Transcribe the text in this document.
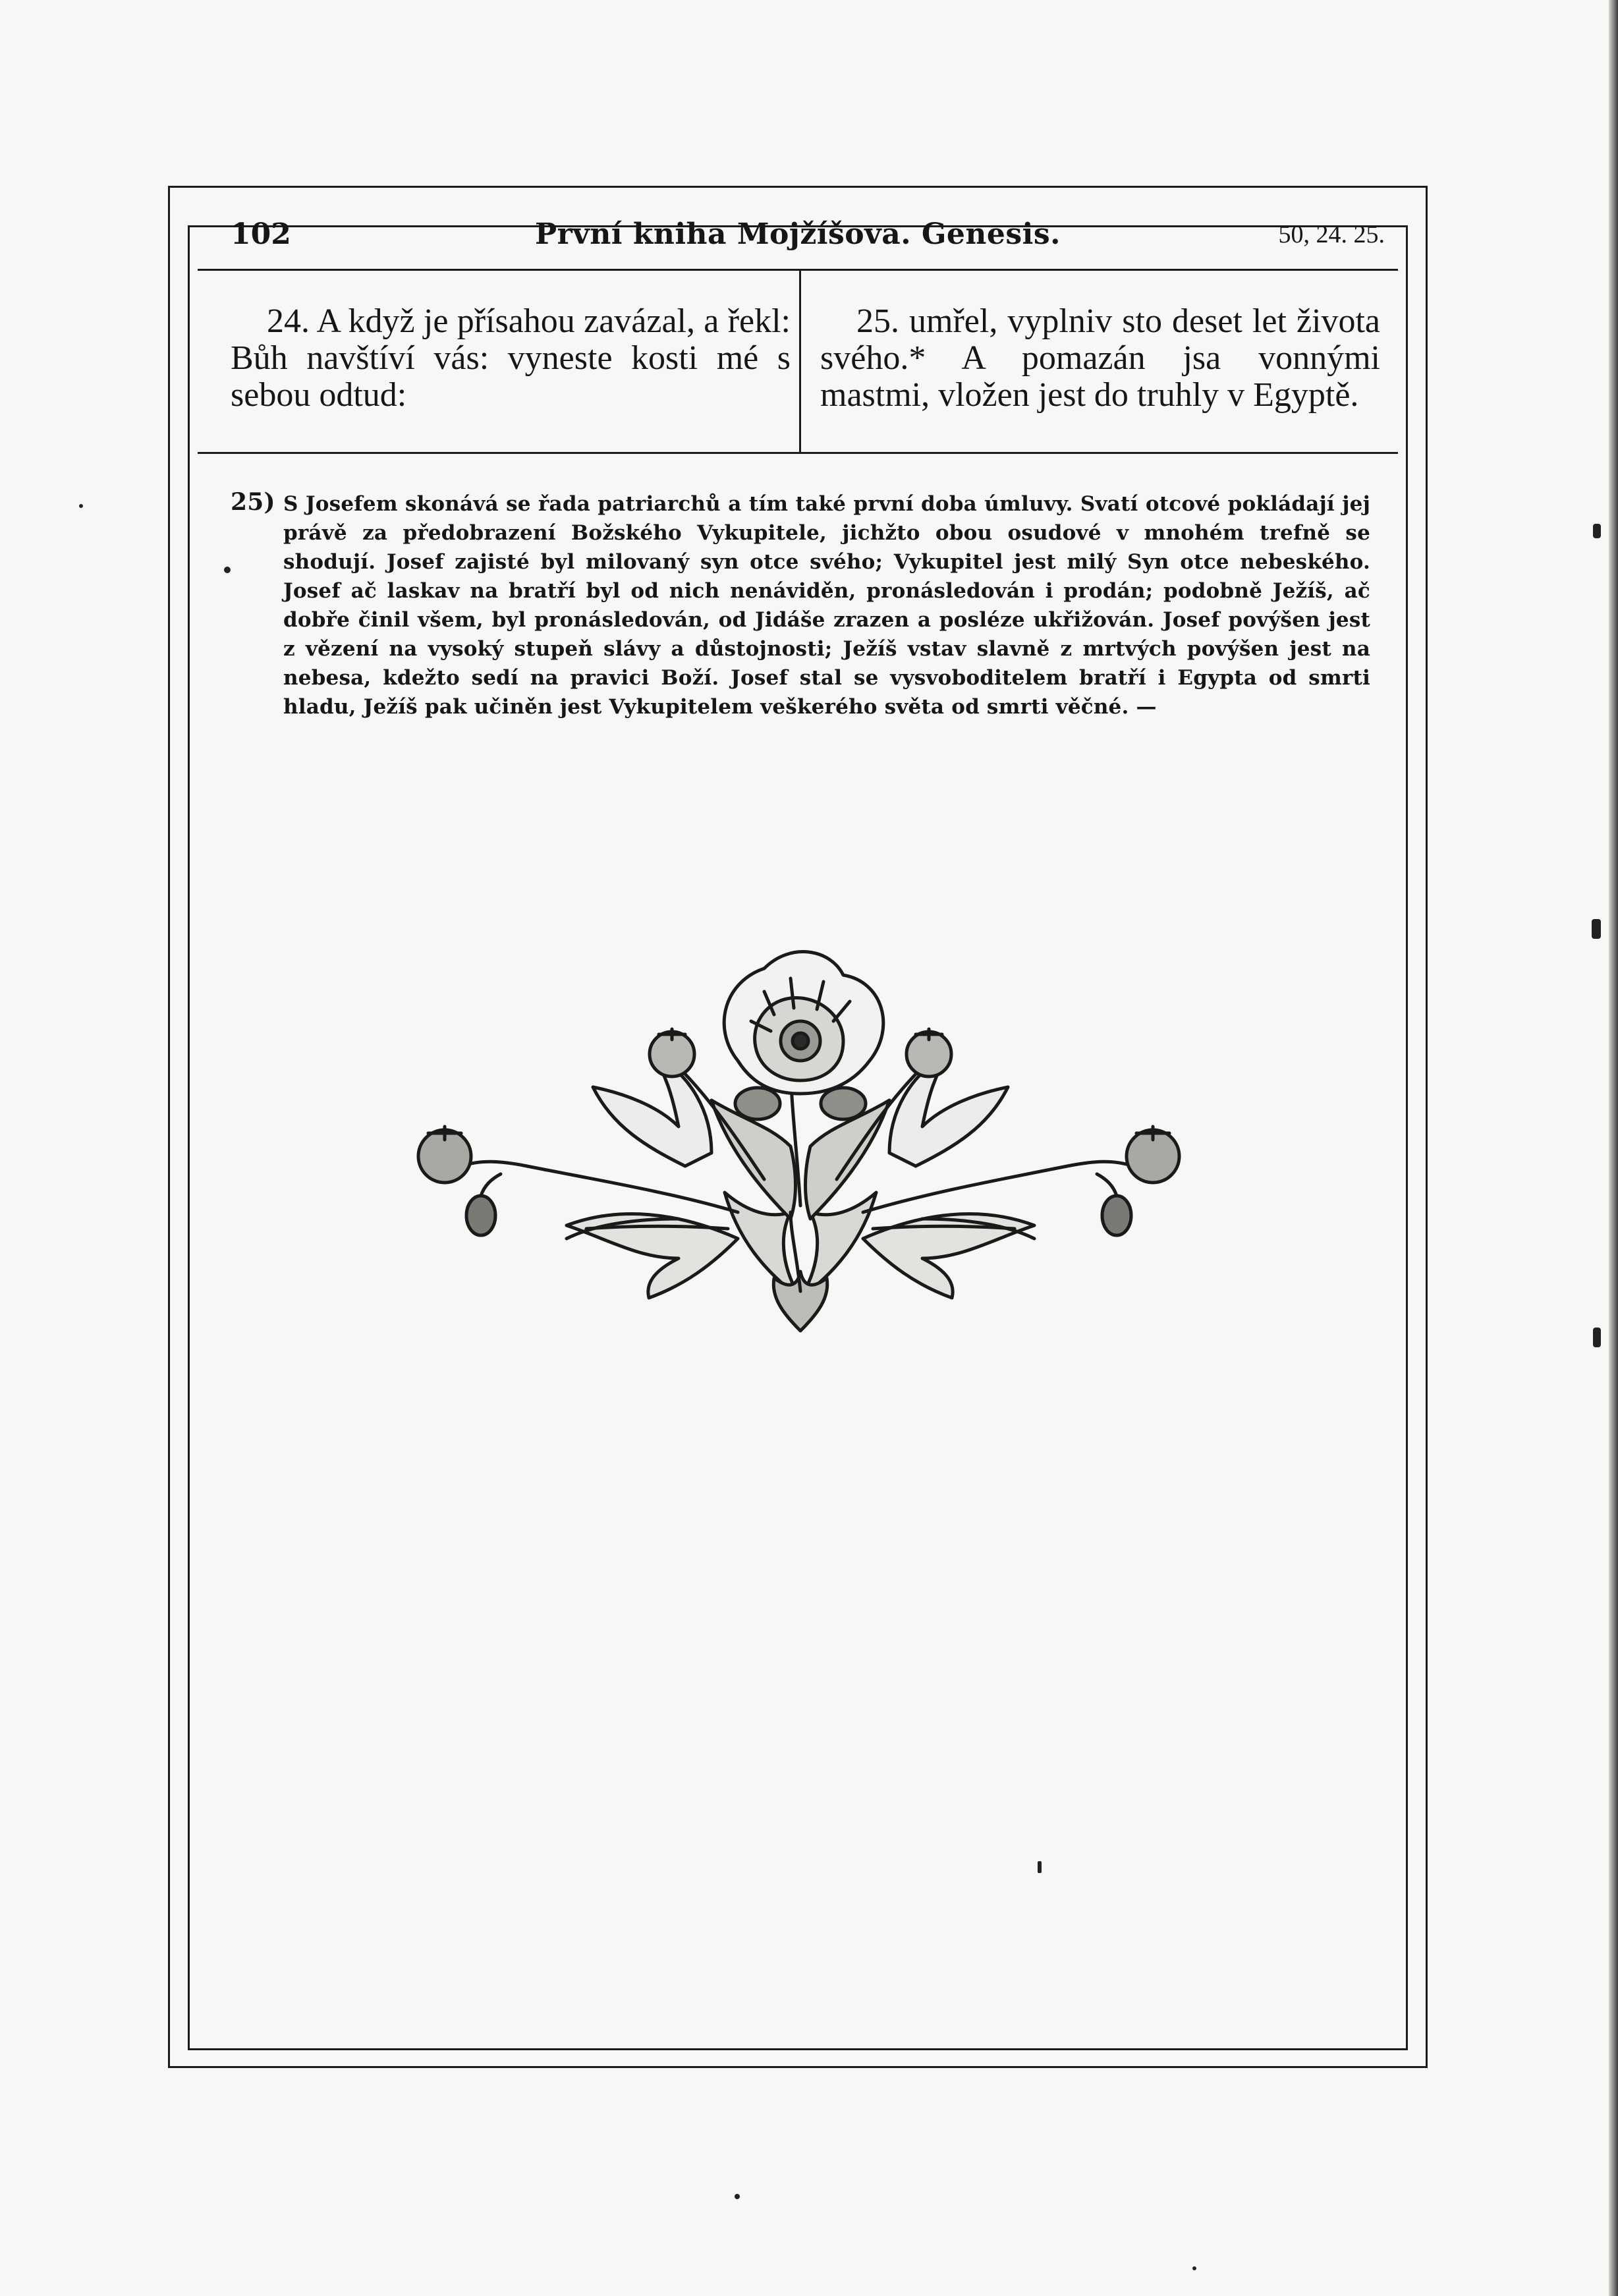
102	První kniha Mojžíšova. Genesis.	50, 24. 25.

24. A když je přísahou zavázal, a řekl: Bůh navštíví vás: vyneste kosti mé s sebou odtud:

25. umřel, vyplniv sto deset let života svého.* A pomazán jsa vonnými mastmi, vložen jest do truhly v Egyptě.

25) S Josefem skonává se řada patriarchů a tím také první doba úmluvy. Svatí otcové pokládají jej právě za předobrazení Božského Vykupitele, jichžto obou osudové v mnohém trefně se shodují. Josef zajisté byl milovaný syn otce svého; Vykupitel jest milý Syn otce nebeského. Josef ač laskav na bratří byl od nich nenáviděn, pronásledován i prodán; podobně Ježíš, ač dobře činil všem, byl pronásledován, od Jidáše zrazen a posléze ukřižován. Josef povýšen jest z vězení na vysoký stupeň slávy a důstojnosti; Ježíš vstav slavně z mrtvých povýšen jest na nebesa, kdežto sedí na pravici Boží. Josef stal se vysvoboditelem bratří i Egypta od smrti hladu, Ježíš pak učiněn jest Vykupitelem veškerého světa od smrti věčné. —
